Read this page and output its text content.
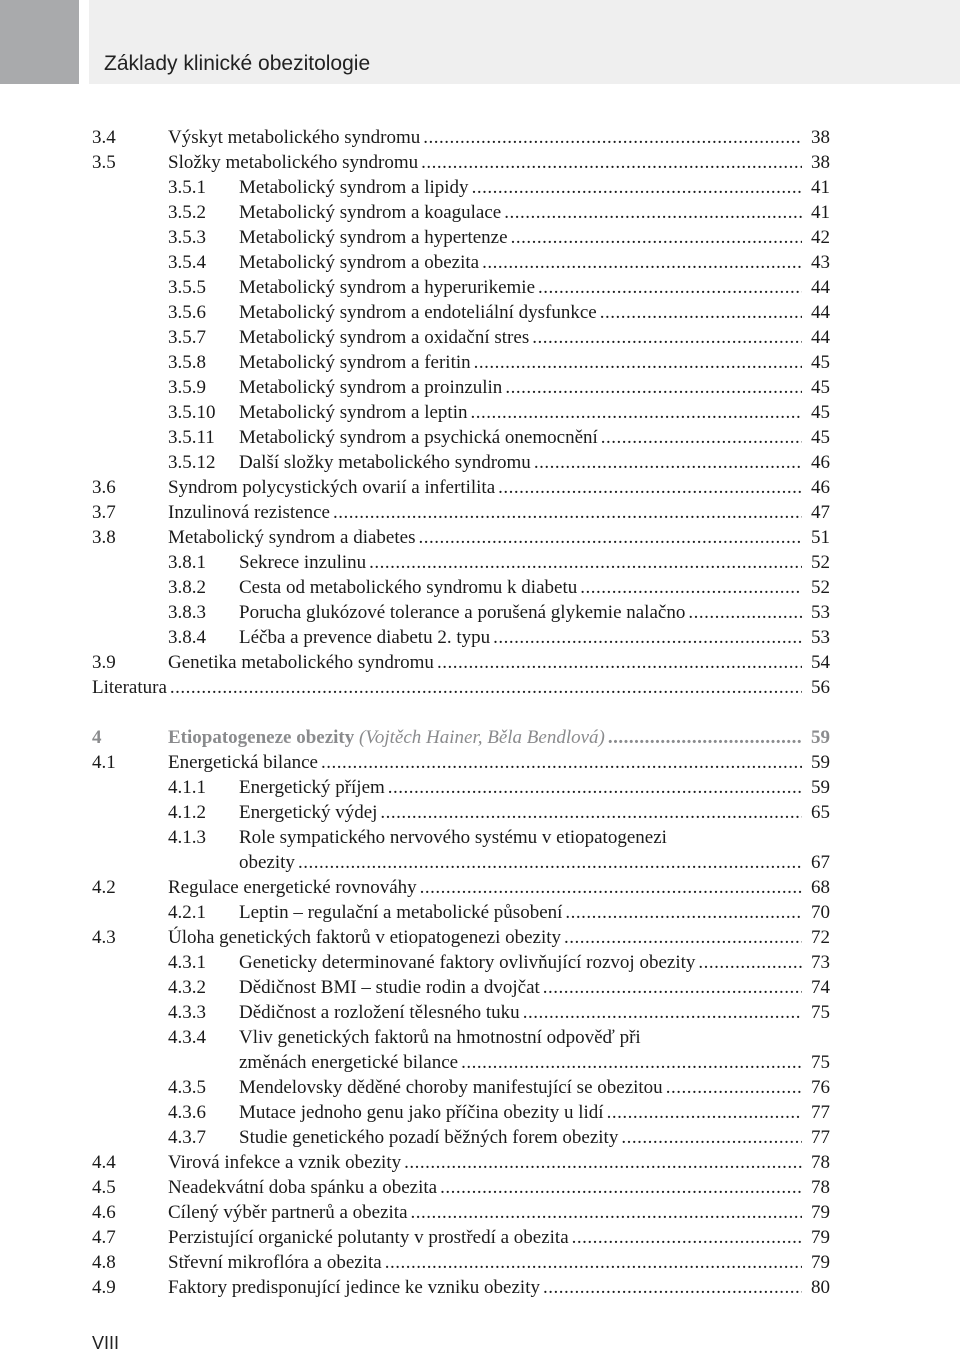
Základy klinické obezitologie
3.4	Výskyt metabolického syndromu .....	38
3.5	Složky metabolického syndromu .....	38
3.5.1 Metabolický syndrom a lipidy .....	41
3.5.2 Metabolický syndrom a koagulace .....	41
3.5.3 Metabolický syndrom a hypertenze .....	42
3.5.4 Metabolický syndrom a obezita .....	43
3.5.5 Metabolický syndrom a hyperurikemie .....	44
3.5.6 Metabolický syndrom a endoteliální dysfunkce .....	44
3.5.7 Metabolický syndrom a oxidační stres .....	44
3.5.8 Metabolický syndrom a feritin .....	45
3.5.9 Metabolický syndrom a proinzulin .....	45
3.5.10 Metabolický syndrom a leptin .....	45
3.5.11 Metabolický syndrom a psychická onemocnění .....	45
3.5.12 Další složky metabolického syndromu .....	46
3.6	Syndrom polycystických ovarií a infertilita .....	46
3.7	Inzulinová rezistence .....	47
3.8	Metabolický syndrom a diabetes .....	51
3.8.1 Sekrece inzulinu .....	52
3.8.2 Cesta od metabolického syndromu k diabetu .....	52
3.8.3 Porucha glukózové tolerance a porušená glykemie nalačno .....	53
3.8.4 Léčba a prevence diabetu 2. typu .....	53
3.9	Genetika metabolického syndromu .....	54
Literatura .....	56
4	Etiopatogeneze obezity
(Vojtěch Hainer, Běla Bendlová) .....	59
4.1	Energetická bilance .....	59
4.1.1 Energetický příjem .....	59
4.1.2 Energetický výdej .....	65
4.1.3 Role sympatického nervového systému v etiopatogenezi
obezity .....	67
4.2	Regulace energetické rovnováhy .....	68
4.2.1 Leptin – regulační a metabolické působení .....	70
4.3	Úloha genetických faktorů v etiopatogenezi obezity .....	72
4.3.1 Geneticky determinované faktory ovlivňující rozvoj obezity .....	73
4.3.2 Dědičnost BMI – studie rodin a dvojčat .....	74
4.3.3 Dědičnost a rozložení tělesného tuku .....	75
4.3.4 Vliv genetických faktorů na hmotnostní odpověď při
změnách energetické bilance .....	75
4.3.5 Mendelovsky děděné choroby manifestující se obezitou .....	76
4.3.6 Mutace jednoho genu jako příčina obezity u lidí .....	77
4.3.7 Studie genetického pozadí běžných forem obezity .....	77
4.4	Virová infekce a vznik obezity .....	78
4.5	Neadekvátní doba spánku a obezita .....	78
4.6	Cílený výběr partnerů a obezita .....	79
4.7	Perzistující organické polutanty v prostředí a obezita .....	79
4.8	Střevní mikroflóra a obezita .....	79
4.9	Faktory predisponující jedince ke vzniku obezity .....	80
VIII
